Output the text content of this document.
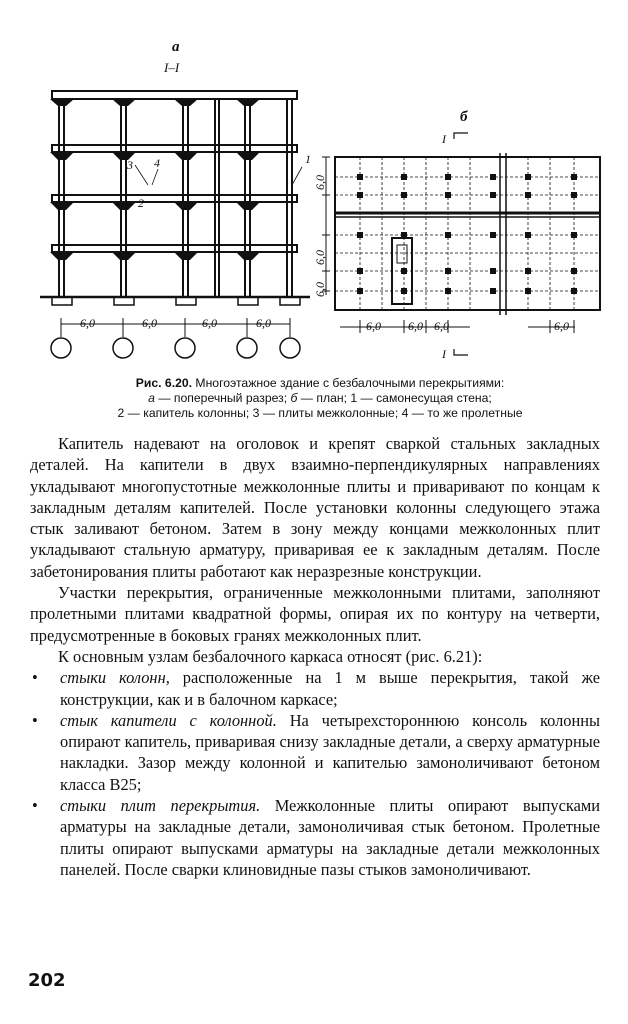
а
I–I
3 4
2
1
6,0	6,0	6,0	6,0
б
I
I
6,0
6,0
6,0
6,0 6,0 6,0	6,0
Рис. 6.20. Многоэтажное здание с безбалочными перекрытиями:
а — поперечный разрез; б — план; 1 — самонесущая стена;
2 — капитель колонны; 3 — плиты межколонные; 4 — то же пролетные

Капитель надевают на оголовок и крепят сваркой стальных закладных деталей. На капители в двух взаимно-перпендикулярных направлениях укладывают многопустотные межколонные плиты и приваривают по концам к закладным деталям капителей. После установки колонны следующего этажа стык заливают бетоном. Затем в зону между концами межколонных плит укладывают стальную арматуру, приваривая ее к закладным деталям. После забетонирования плиты работают как неразрезные конструкции.

Участки перекрытия, ограниченные межколонными плитами, заполняют пролетными плитами квадратной формы, опирая их по контуру на четверти, предусмотренные в боковых гранях межколонных плит.

К основным узлам безбалочного каркаса относят (рис. 6.21):

• стыки колонн, расположенные на 1 м выше перекрытия, такой же конструкции, как и в балочном каркасе;
• стык капители с колонной. На четырехстороннюю консоль колонны опирают капитель, приваривая снизу закладные детали, а сверху арматурные накладки. Зазор между колонной и капителью замоноличивают бетоном класса В25;
• стыки плит перекрытия. Межколонные плиты опирают выпусками арматуры на закладные детали, замоноличивая стык бетоном. Пролетные плиты опирают выпусками арматуры на закладные детали межколонных панелей. После сварки клиновидные пазы стыков замоноличивают.
202
